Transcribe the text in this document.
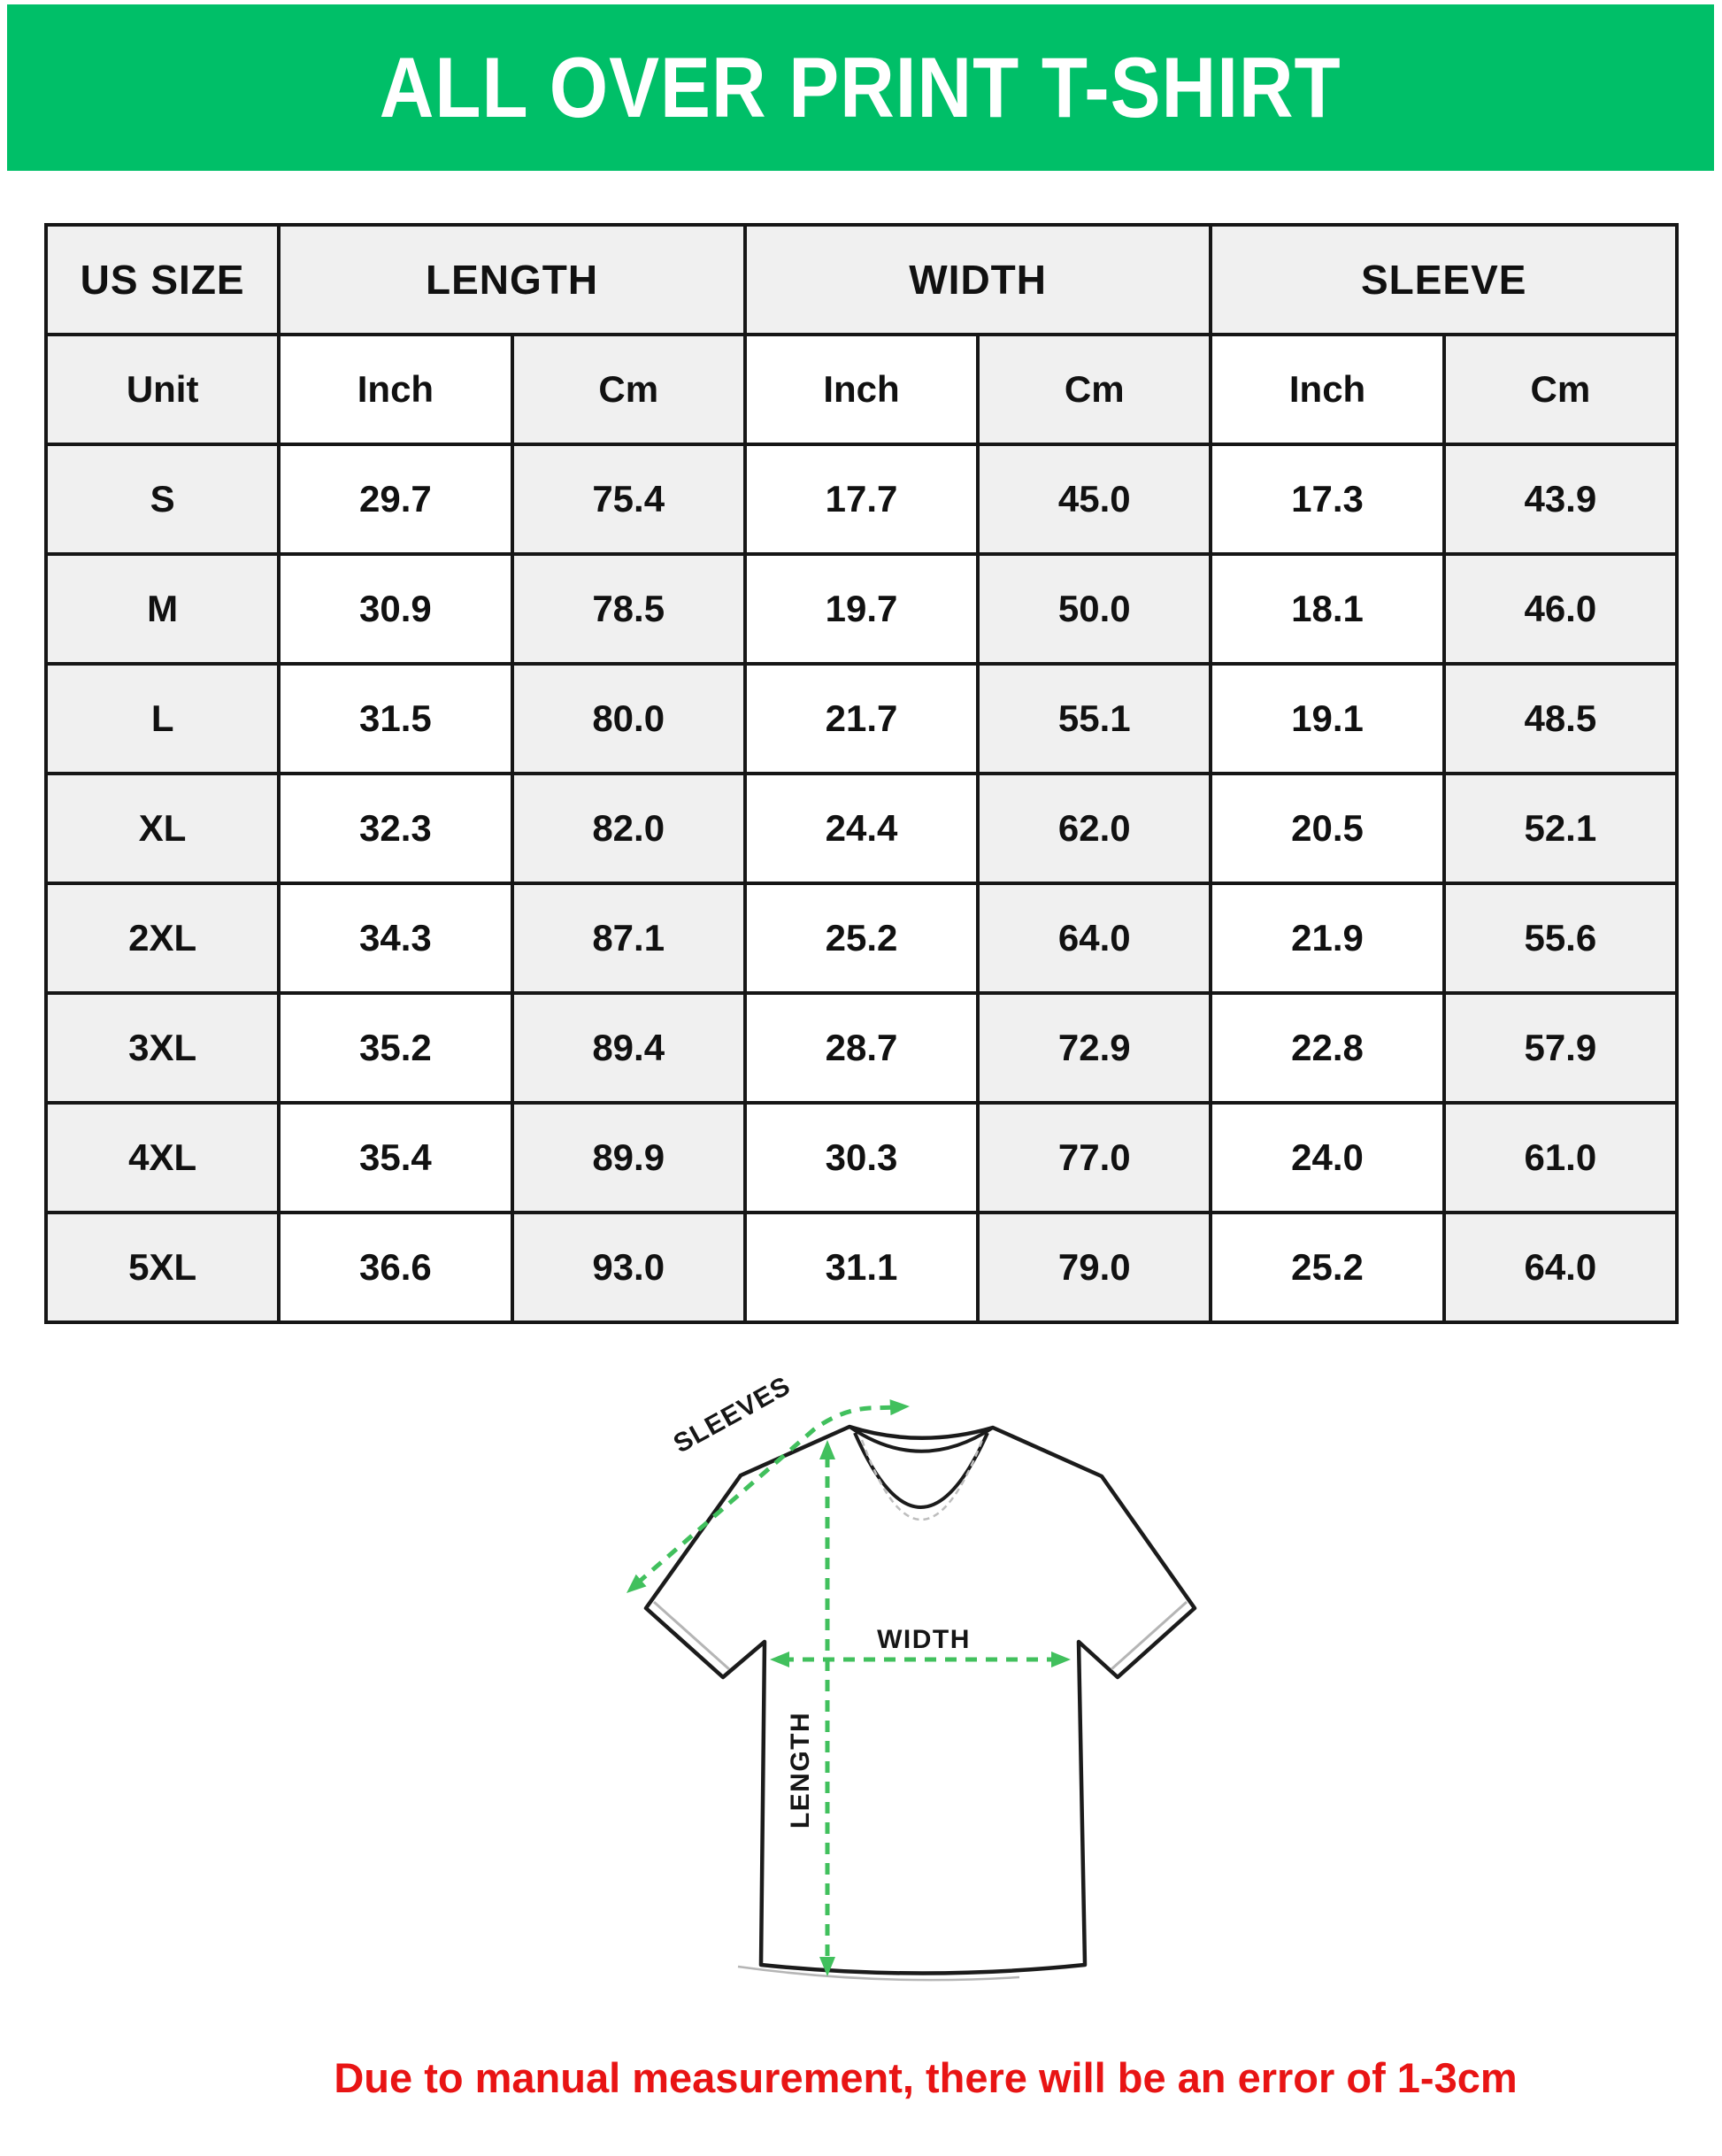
ALL OVER PRINT T-SHIRT
US SIZE	LENGTH		WIDTH		SLEEVE	
Unit	Inch	Cm	Inch	Cm	Inch	Cm
S	29.7	75.4	17.7	45.0	17.3	43.9
M	30.9	78.5	19.7	50.0	18.1	46.0
L	31.5	80.0	21.7	55.1	19.1	48.5
XL	32.3	82.0	24.4	62.0	20.5	52.1
2XL	34.3	87.1	25.2	64.0	21.9	55.6
3XL	35.2	89.4	28.7	72.9	22.8	57.9
4XL	35.4	89.9	30.3	77.0	24.0	61.0
5XL	36.6	93.0	31.1	79.0	25.2	64.0
SLEEVES
WIDTH
LENGTH
Due to manual measurement, there will be an error of 1-3cm
